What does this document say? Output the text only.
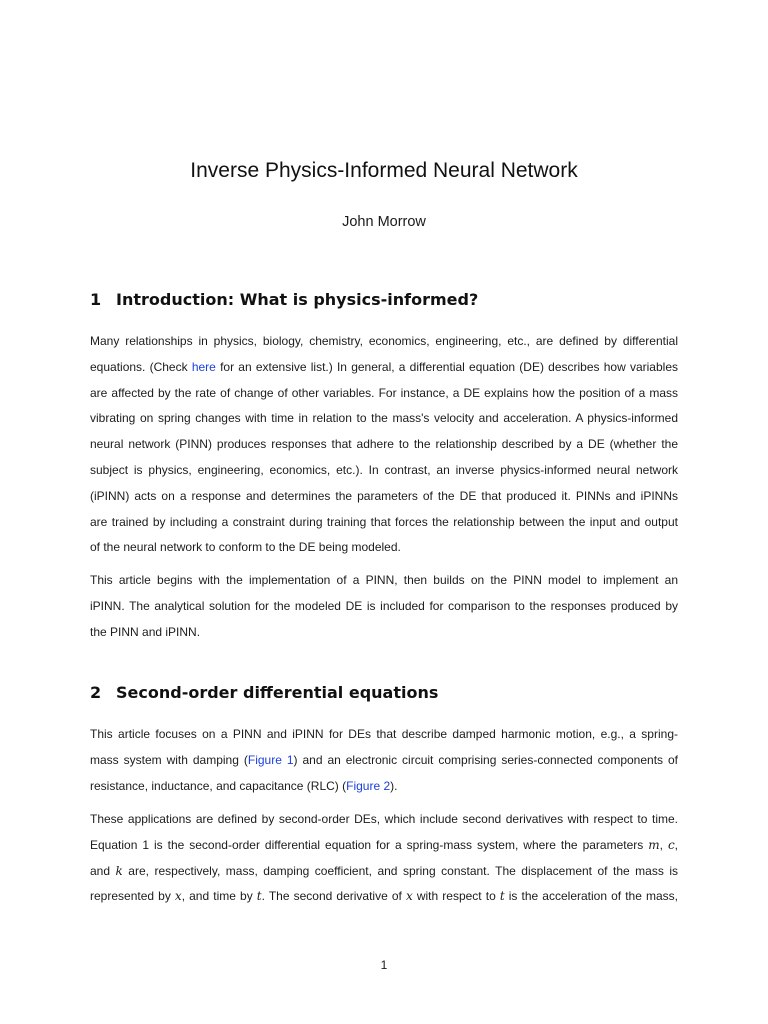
Inverse Physics-Informed Neural Network
John Morrow
1 Introduction: What is physics-informed?
Many relationships in physics, biology, chemistry, economics, engineering, etc., are defined by differential
equations. (Check here for an extensive list.) In general, a differential equation (DE) describes how variables
are affected by the rate of change of other variables. For instance, a DE explains how the position of a mass
vibrating on spring changes with time in relation to the mass's velocity and acceleration. A physics-informed
neural network (PINN) produces responses that adhere to the relationship described by a DE (whether the
subject is physics, engineering, economics, etc.). In contrast, an inverse physics-informed neural network
(iPINN) acts on a response and determines the parameters of the DE that produced it. PINNs and iPINNs
are trained by including a constraint during training that forces the relationship between the input and output
of the neural network to conform to the DE being modeled.
This article begins with the implementation of a PINN, then builds on the PINN model to implement an
iPINN. The analytical solution for the modeled DE is included for comparison to the responses produced by
the PINN and iPINN.
2 Second-order differential equations
This article focuses on a PINN and iPINN for DEs that describe damped harmonic motion, e.g., a spring-
mass system with damping (Figure 1) and an electronic circuit comprising series-connected components of
resistance, inductance, and capacitance (RLC) (Figure 2).
These applications are defined by second-order DEs, which include second derivatives with respect to time.
Equation 1 is the second-order differential equation for a spring-mass system, where the parameters m, c,
and k are, respectively, mass, damping coefficient, and spring constant. The displacement of the mass is
represented by x, and time by t. The second derivative of x with respect to t is the acceleration of the mass,
1
